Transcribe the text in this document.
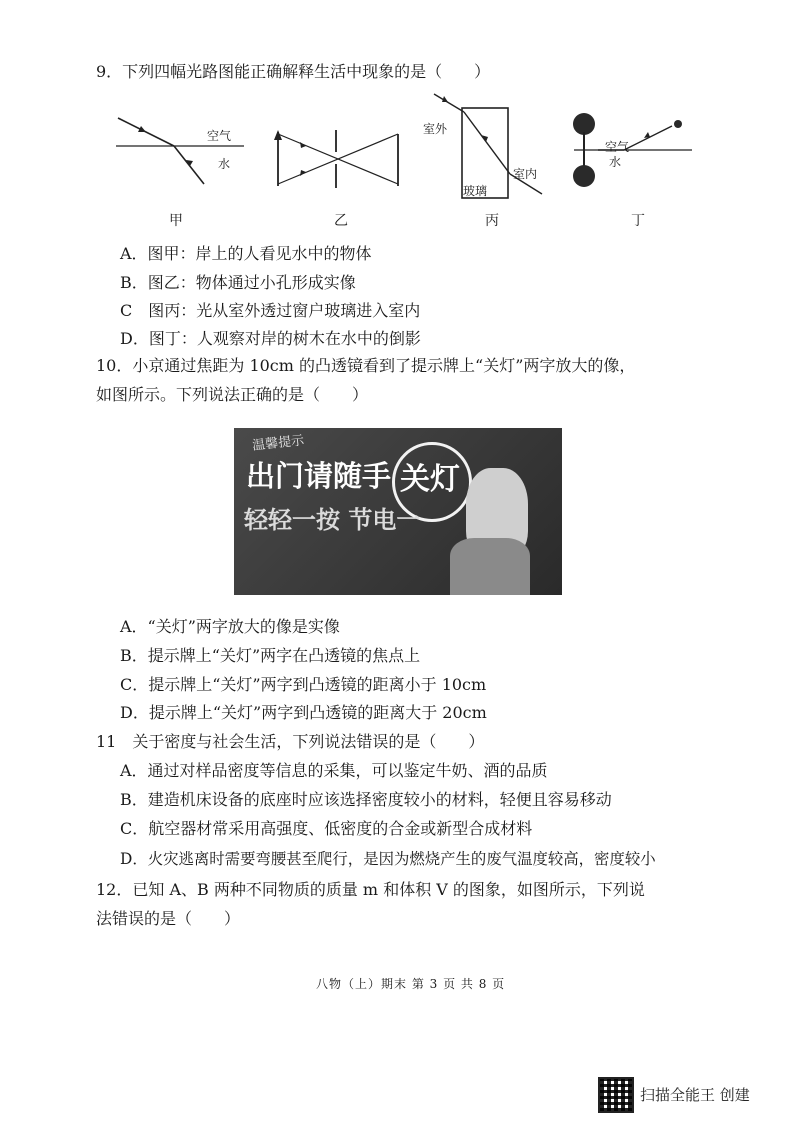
9．下列四幅光路图能正确解释生活中现象的是（　　）
空气
水
甲	乙
室外
室内
玻璃
丙
空气
水
丁
A．图甲：岸上的人看见水中的物体
B．图乙：物体通过小孔形成实像
C　图丙：光从室外透过窗户玻璃进入室内
D．图丁：人观察对岸的树木在水中的倒影
10．小京通过焦距为 10cm 的凸透镜看到了提示牌上“关灯”两字放大的像，
如图所示。下列说法正确的是（　　）
温馨提示
出门请随手 关灯
轻轻一按 节电一
A．“关灯”两字放大的像是实像
B．提示牌上“关灯”两字在凸透镜的焦点上
C．提示牌上“关灯”两字到凸透镜的距离小于 10cm
D．提示牌上“关灯”两字到凸透镜的距离大于 20cm
11　关于密度与社会生活，下列说法错误的是（　　）
A．通过对样品密度等信息的采集，可以鉴定牛奶、酒的品质
B．建造机床设备的底座时应该选择密度较小的材料，轻便且容易移动
C．航空器材常采用高强度、低密度的合金或新型合成材料
D．火灾逃离时需要弯腰甚至爬行，是因为燃烧产生的废气温度较高，密度较小
12．已知 A、B 两种不同物质的质量 m 和体积 V 的图象，如图所示，下列说
法错误的是（　　）
八物（上）期末 第 3 页 共 8 页
扫描全能王 创建
